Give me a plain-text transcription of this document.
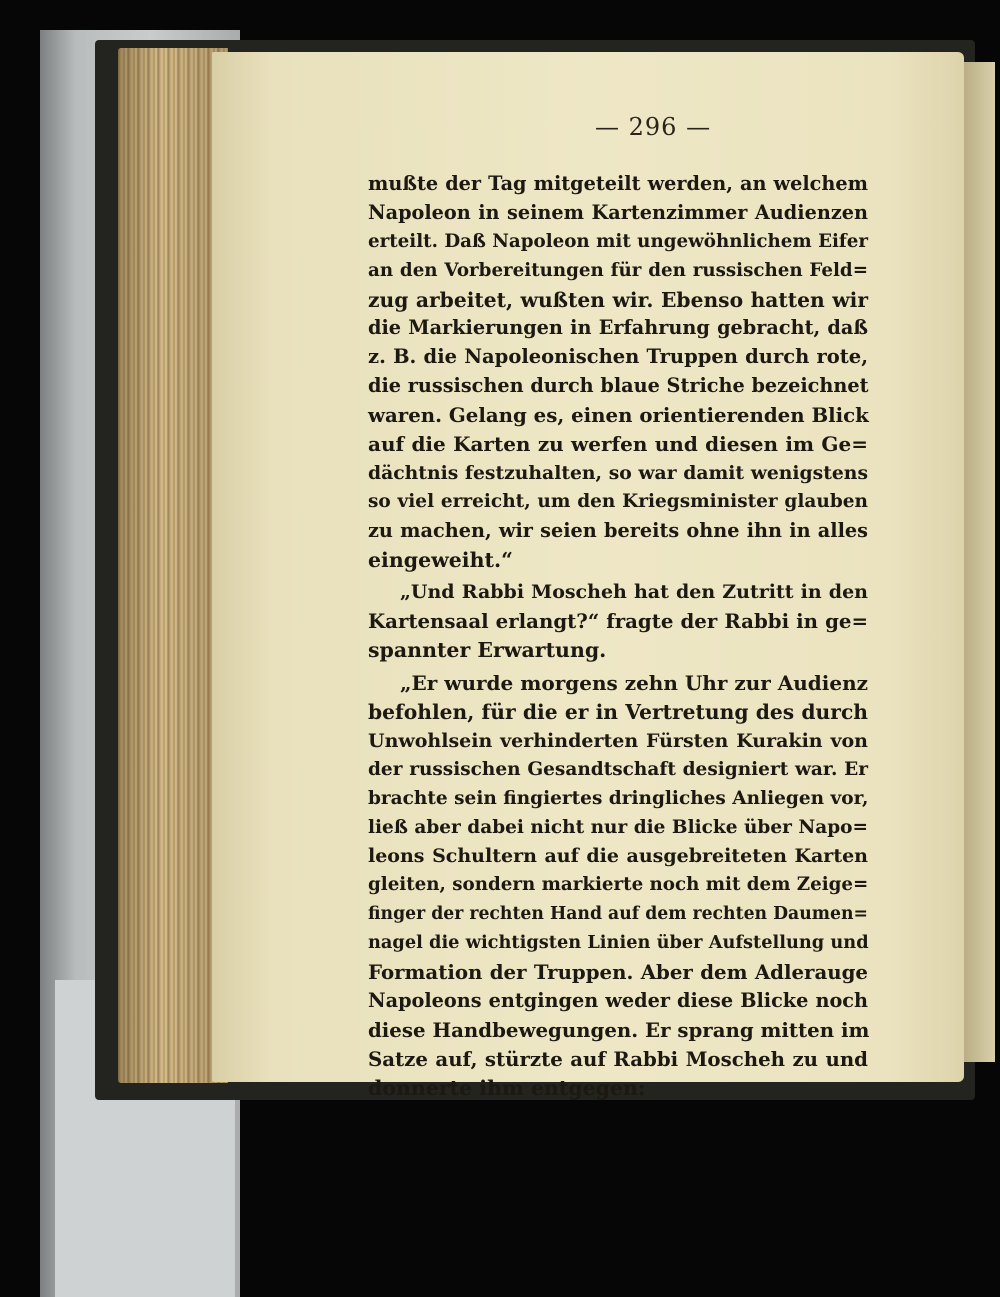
— 296 —
mußte der Tag mitgeteilt werden, an welchem
Napoleon in seinem Kartenzimmer Audienzen
erteilt. Daß Napoleon mit ungewöhnlichem Eifer
an den Vorbereitungen für den russischen Feld=
zug arbeitet, wußten wir. Ebenso hatten wir
die Markierungen in Erfahrung gebracht, daß
z. B. die Napoleonischen Truppen durch rote,
die russischen durch blaue Striche bezeichnet
waren. Gelang es, einen orientierenden Blick
auf die Karten zu werfen und diesen im Ge=
dächtnis festzuhalten, so war damit wenigstens
so viel erreicht, um den Kriegsminister glauben
zu machen, wir seien bereits ohne ihn in alles
eingeweiht.“
„Und Rabbi Moscheh hat den Zutritt in den
Kartensaal erlangt?“ fragte der Rabbi in ge=
spannter Erwartung.
„Er wurde morgens zehn Uhr zur Audienz
befohlen, für die er in Vertretung des durch
Unwohlsein verhinderten Fürsten Kurakin von
der russischen Gesandtschaft designiert war. Er
brachte sein fingiertes dringliches Anliegen vor,
ließ aber dabei nicht nur die Blicke über Napo=
leons Schultern auf die ausgebreiteten Karten
gleiten, sondern markierte noch mit dem Zeige=
finger der rechten Hand auf dem rechten Daumen=
nagel die wichtigsten Linien über Aufstellung und
Formation der Truppen. Aber dem Adlerauge
Napoleons entgingen weder diese Blicke noch
diese Handbewegungen. Er sprang mitten im
Satze auf, stürzte auf Rabbi Moscheh zu und
donnerte ihm entgegen:
